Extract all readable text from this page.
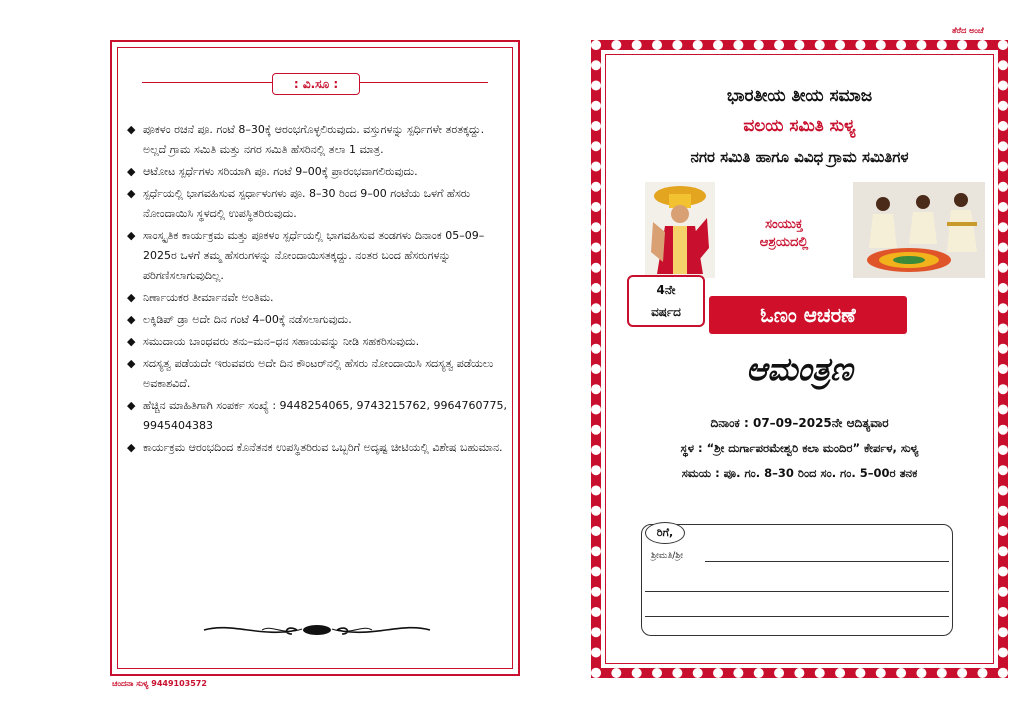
: ವಿ.ಸೂ :
◆ ಪೂಕಳಂ ರಚನೆ ಪೂ. ಗಂಟೆ 8–30ಕ್ಕೆ ಆರಂಭಗೊಳ್ಳಲಿರುವುದು. ವಸ್ತುಗಳನ್ನು ಸ್ಪರ್ಧಿಗಳೇ ತರತಕ್ಕದ್ದು. ಅಲ್ಲದೆ ಗ್ರಾಮ ಸಮಿತಿ ಮತ್ತು ನಗರ ಸಮಿತಿ ಹೆಸರಿನಲ್ಲಿ ತಲಾ 1 ಮಾತ್ರ.
◆ ಆಟೋಟ ಸ್ಪರ್ಧೆಗಳು ಸರಿಯಾಗಿ ಪೂ. ಗಂಟೆ 9–00ಕ್ಕೆ ಪ್ರಾರಂಭವಾಗಲಿರುವುದು.
◆ ಸ್ಪರ್ಧೆಯಲ್ಲಿ ಭಾಗವಹಿಸುವ ಸ್ಪರ್ಧಾಳುಗಳು ಪೂ. 8–30 ರಿಂದ 9–00 ಗಂಟೆಯ ಒಳಗೆ ಹೆಸರು ನೋಂದಾಯಿಸಿ ಸ್ಥಳದಲ್ಲಿ ಉಪಸ್ಥಿತರಿರುವುದು.
◆ ಸಾಂಸ್ಕೃತಿಕ ಕಾರ್ಯಕ್ರಮ ಮತ್ತು ಪೂಕಳಂ ಸ್ಪರ್ಧೆಯಲ್ಲಿ ಭಾಗವಹಿಸುವ ತಂಡಗಳು ದಿನಾಂಕ 05–09–2025ರ ಒಳಗೆ ತಮ್ಮ ಹೆಸರುಗಳನ್ನು ನೋಂದಾಯಿಸತಕ್ಕದ್ದು. ನಂತರ ಬಂದ ಹೆಸರುಗಳನ್ನು ಪರಿಗಣಿಸಲಾಗುವುದಿಲ್ಲ.
◆ ನಿರ್ಣಾಯಕರ ತೀರ್ಮಾನವೇ ಅಂತಿಮ.
◆ ಲಕ್ಕಿಡಿಪ್ ಡ್ರಾ ಅದೇ ದಿನ ಗಂಟೆ 4–00ಕ್ಕೆ ನಡೆಸಲಾಗುವುದು.
◆ ಸಮುದಾಯ ಬಾಂಧವರು ತನು–ಮನ–ಧನ ಸಹಾಯವನ್ನು ನೀಡಿ ಸಹಕರಿಸುವುದು.
◆ ಸದಸ್ಯತ್ವ ಪಡೆಯದೇ ಇರುವವರು ಅದೇ ದಿನ ಕೌಂಟರ್‌ನಲ್ಲಿ ಹೆಸರು ನೋಂದಾಯಿಸಿ ಸದಸ್ಯತ್ವ ಪಡೆಯಲು ಅವಕಾಶವಿದೆ.
◆ ಹೆಚ್ಚಿನ ಮಾಹಿತಿಗಾಗಿ ಸಂಪರ್ಕ ಸಂಖ್ಯೆ : 9448254065, 9743215762, 9964760775, 9945404383
◆ ಕಾರ್ಯಕ್ರಮ ಆರಂಭದಿಂದ ಕೊನೆತನಕ ಉಪಸ್ಥಿತರಿರುವ ಒಬ್ಬರಿಗೆ ಅದೃಷ್ಟ ಚೀಟಿಯಲ್ಲಿ ವಿಶೇಷ ಬಹುಮಾನ.
ಚಂದನಾ ಸುಳ್ಯ 9449103572
ತೆರೆದ ಅಂಚೆ
ಭಾರತೀಯ ತೀಯ ಸಮಾಜ
ವಲಯ ಸಮಿತಿ ಸುಳ್ಯ
ನಗರ ಸಮಿತಿ ಹಾಗೂ ವಿವಿಧ ಗ್ರಾಮ ಸಮಿತಿಗಳ
ಸಂಯುಕ್ತ
ಆಶ್ರಯದಲ್ಲಿ
4ನೇ
ವರ್ಷದ	ಓಣಂ ಆಚರಣೆ
ಆಮಂತ್ರಣ
ದಿನಾಂಕ : 07–09–2025ನೇ ಆದಿತ್ಯವಾರ
ಸ್ಥಳ : “ಶ್ರೀ ದುರ್ಗಾಪರಮೇಶ್ವರಿ ಕಲಾ ಮಂದಿರ” ಕೇರ್ಪಳ, ಸುಳ್ಯ
ಸಮಯ : ಪೂ. ಗಂ. 8–30 ರಿಂದ ಸಂ. ಗಂ. 5–00ರ ತನಕ
ರಿಗೆ,
ಶ್ರೀಮತಿ/ಶ್ರೀ
